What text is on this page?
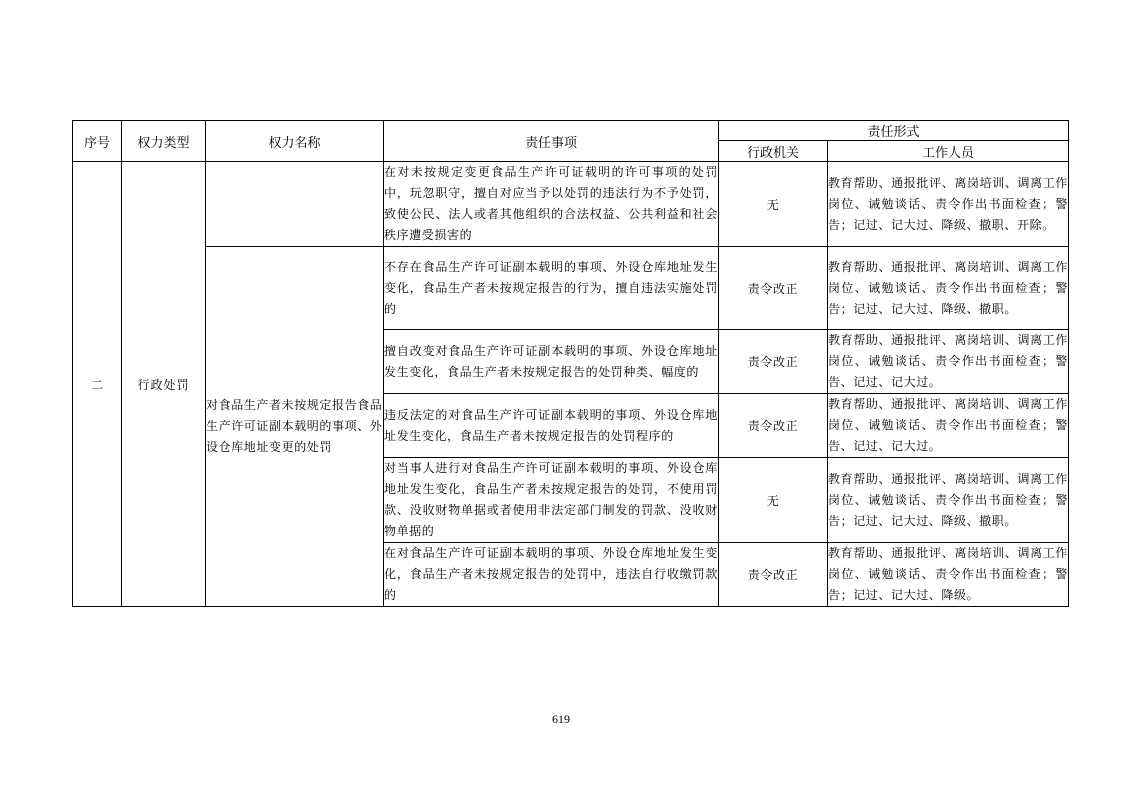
序号	权力类型	权力名称	责任事项	责任形式	
				行政机关	工作人员
二	行政处罚		在对未按规定变更食品生产许可证载明的许可事项的处罚中，玩忽职守，擅自对应当予以处罚的违法行为不予处罚，致使公民、法人或者其他组织的合法权益、公共利益和社会秩序遭受损害的	无	教育帮助、通报批评、离岗培训、调离工作岗位、诫勉谈话、责令作出书面检查；警告；记过、记大过、降级、撤职、开除。
		对食品生产者未按规定报告食品生产许可证副本载明的事项、外设仓库地址变更的处罚	不存在食品生产许可证副本载明的事项、外设仓库地址发生变化，食品生产者未按规定报告的行为，擅自违法实施处罚的	责令改正	教育帮助、通报批评、离岗培训、调离工作岗位、诫勉谈话、责令作出书面检查；警告；记过、记大过、降级、撤职。
			擅自改变对食品生产许可证副本载明的事项、外设仓库地址发生变化，食品生产者未按规定报告的处罚种类、幅度的	责令改正	教育帮助、通报批评、离岗培训、调离工作岗位、诫勉谈话、责令作出书面检查；警告、记过、记大过。
			违反法定的对食品生产许可证副本载明的事项、外设仓库地址发生变化，食品生产者未按规定报告的处罚程序的	责令改正	教育帮助、通报批评、离岗培训、调离工作岗位、诫勉谈话、责令作出书面检查；警告、记过、记大过。
			对当事人进行对食品生产许可证副本载明的事项、外设仓库地址发生变化，食品生产者未按规定报告的处罚，不使用罚款、没收财物单据或者使用非法定部门制发的罚款、没收财物单据的	无	教育帮助、通报批评、离岗培训、调离工作岗位、诫勉谈话、责令作出书面检查；警告；记过、记大过、降级、撤职。
			在对食品生产许可证副本载明的事项、外设仓库地址发生变化，食品生产者未按规定报告的处罚中，违法自行收缴罚款的	责令改正	教育帮助、通报批评、离岗培训、调离工作岗位、诫勉谈话、责令作出书面检查；警告；记过、记大过、降级。
619
